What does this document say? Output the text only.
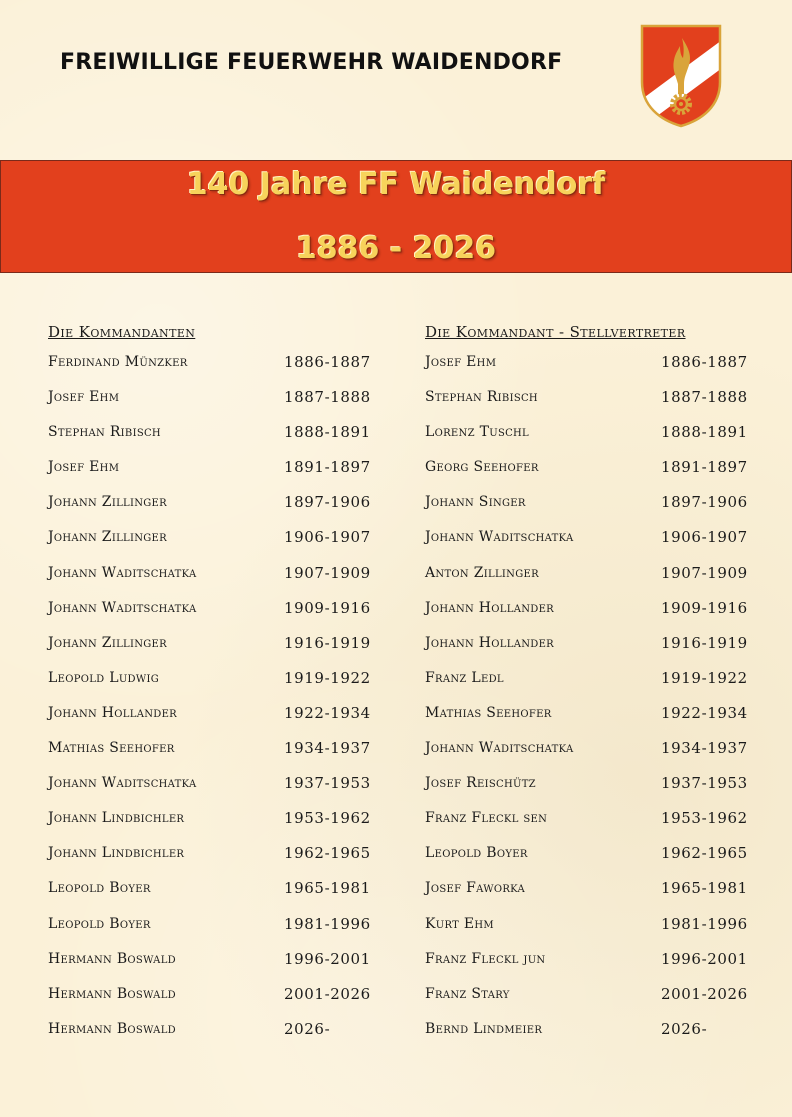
FREIWILLIGE FEUERWEHR WAIDENDORF
140 Jahre FF Waidendorf
1886 - 2026
Die Kommandanten
Ferdinand Münzker	1886-1887
Josef Ehm	1887-1888
Stephan Ribisch	1888-1891
Josef Ehm	1891-1897
Johann Zillinger	1897-1906
Johann Zillinger	1906-1907
Johann Waditschatka	1907-1909
Johann Waditschatka	1909-1916
Johann Zillinger	1916-1919
Leopold Ludwig	1919-1922
Johann Hollander	1922-1934
Mathias Seehofer	1934-1937
Johann Waditschatka	1937-1953
Johann Lindbichler	1953-1962
Johann Lindbichler	1962-1965
Leopold Boyer	1965-1981
Leopold Boyer	1981-1996
Hermann Boswald	1996-2001
Hermann Boswald	2001-2026
Hermann Boswald	2026-
Die Kommandant - Stellvertreter
Josef Ehm	1886-1887
Stephan Ribisch	1887-1888
Lorenz Tuschl	1888-1891
Georg Seehofer	1891-1897
Johann Singer	1897-1906
Johann Waditschatka	1906-1907
Anton Zillinger	1907-1909
Johann Hollander	1909-1916
Johann Hollander	1916-1919
Franz Ledl	1919-1922
Mathias Seehofer	1922-1934
Johann Waditschatka	1934-1937
Josef Reischütz	1937-1953
Franz Fleckl sen	1953-1962
Leopold Boyer	1962-1965
Josef Faworka	1965-1981
Kurt Ehm	1981-1996
Franz Fleckl jun	1996-2001
Franz Stary	2001-2026
Bernd Lindmeier	2026-
